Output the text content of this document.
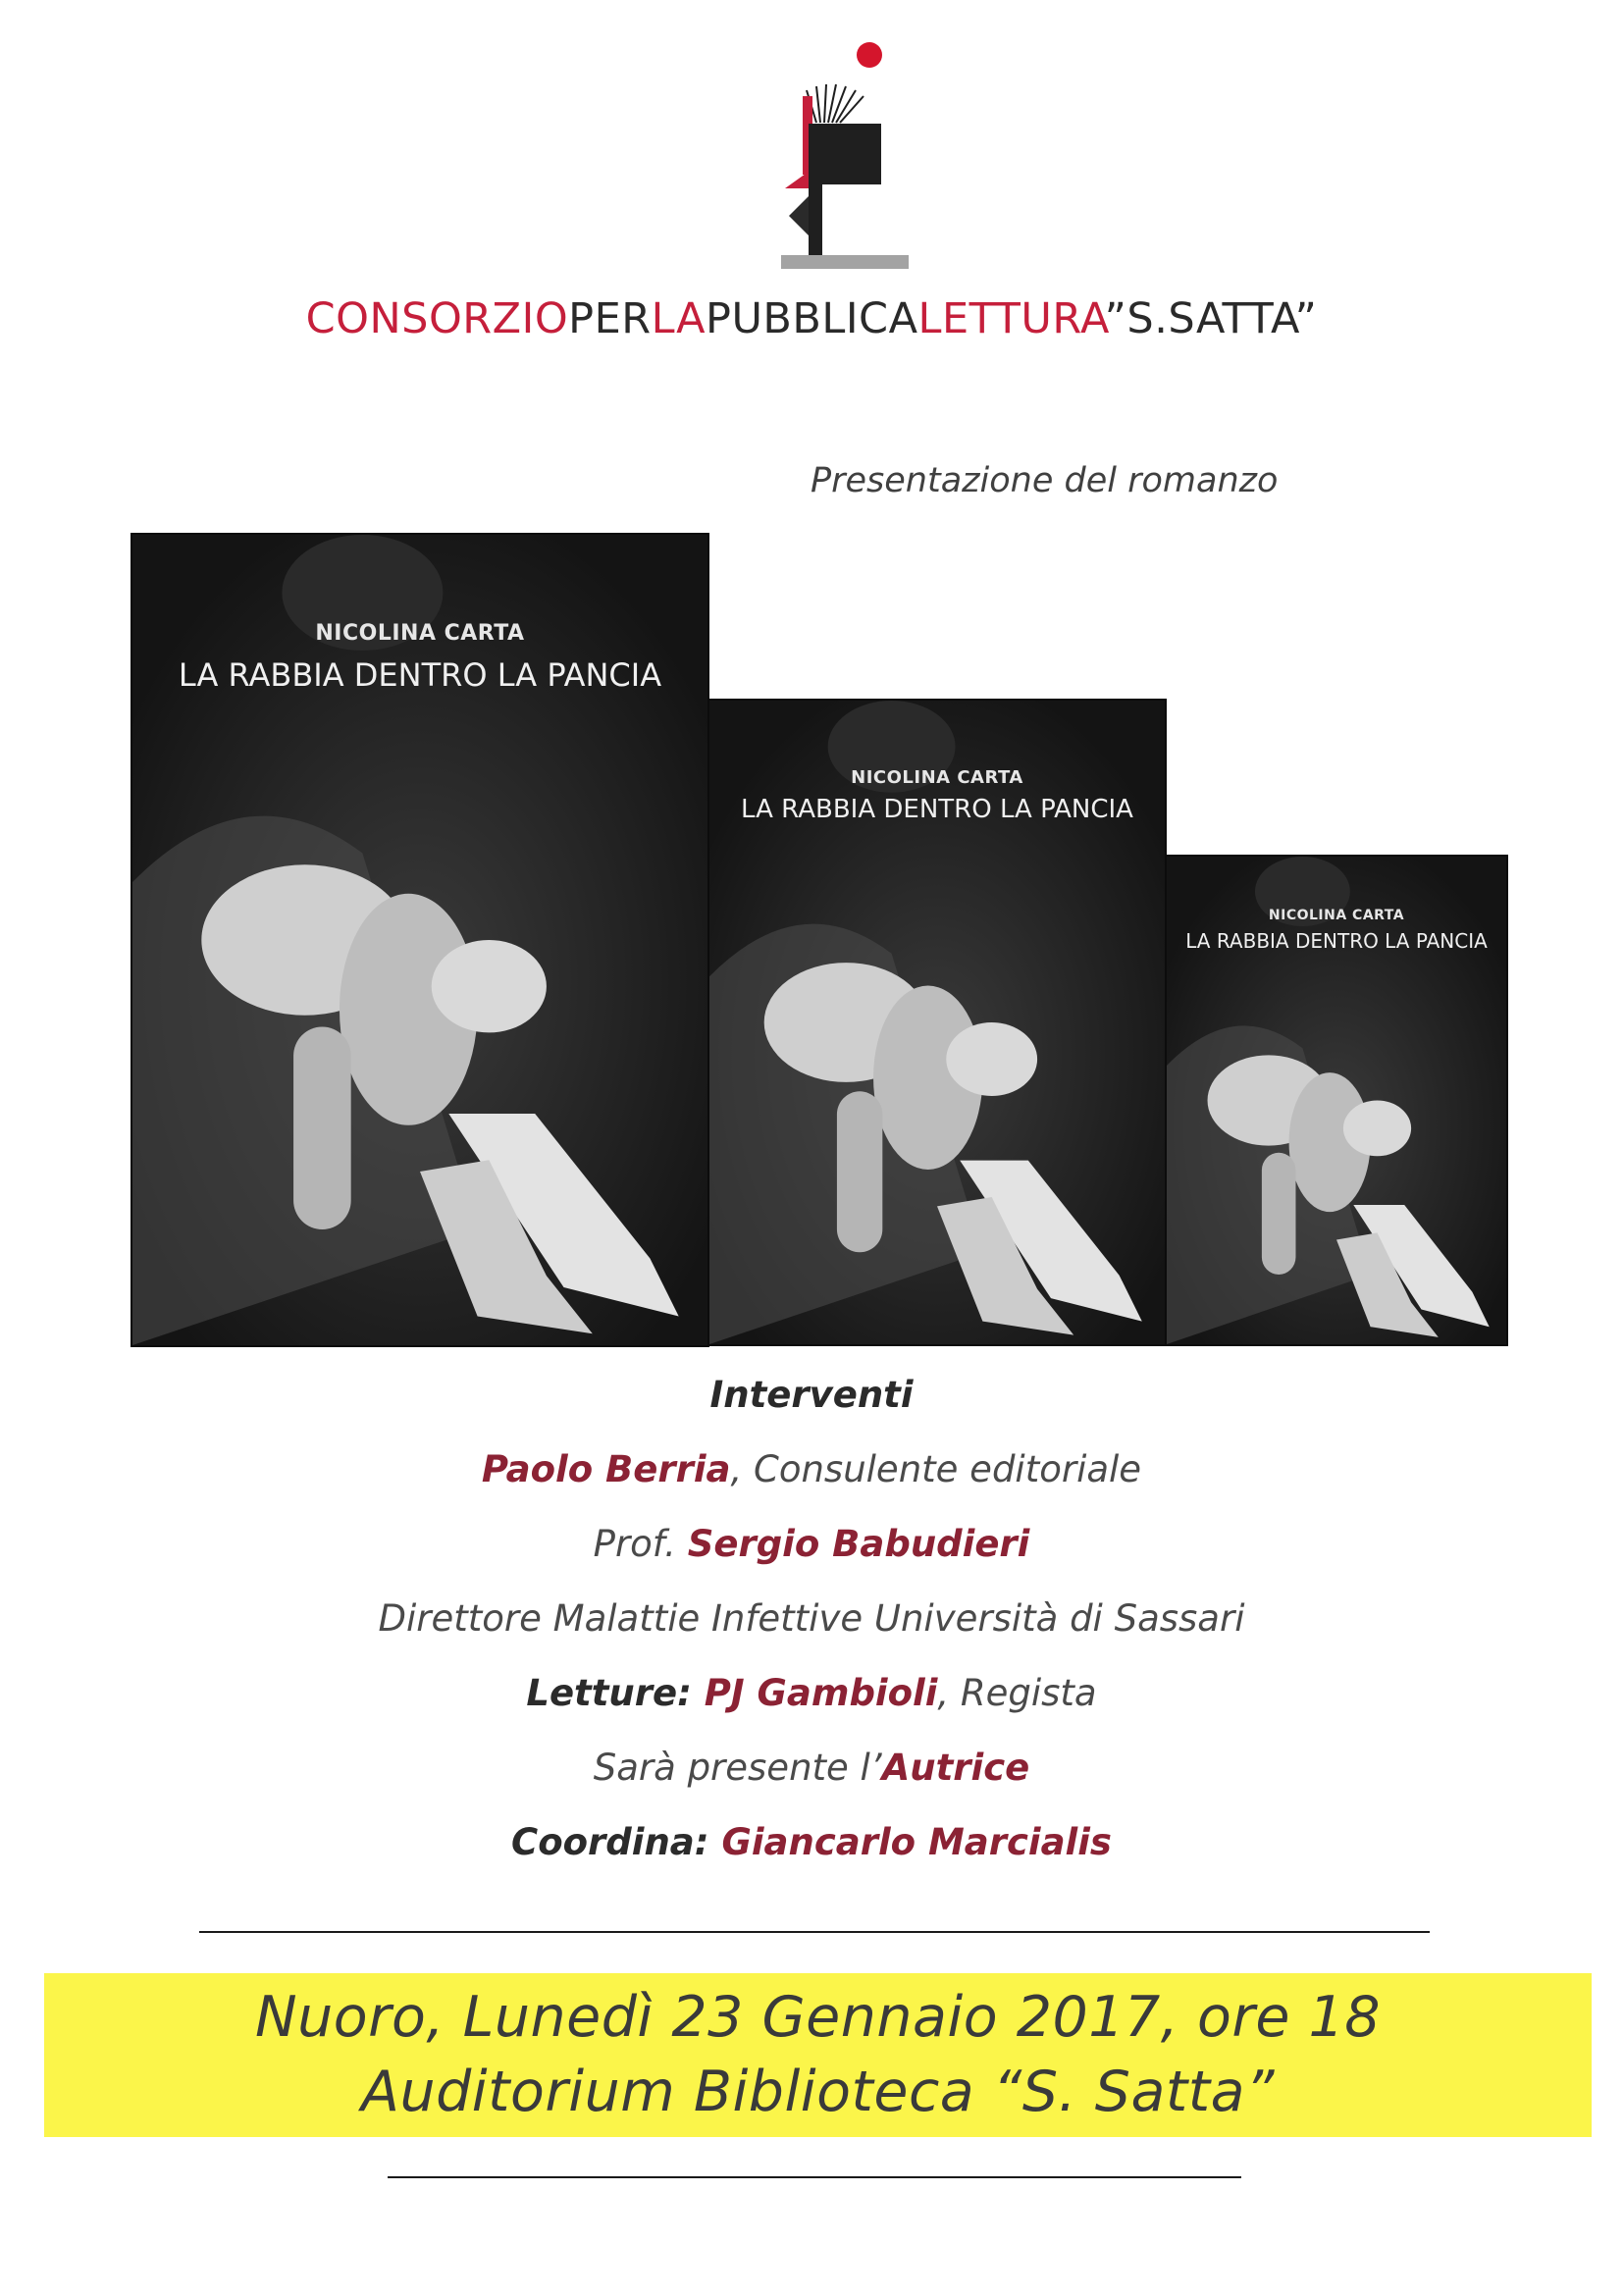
CONSORZIOPERLAPUBBLICALETTURA”S.SATTA”
Presentazione del romanzo
NICOLINA CARTA
LA RABBIA DENTRO LA PANCIA
NICOLINA CARTA
LA RABBIA DENTRO LA PANCIA
NICOLINA CARTA
LA RABBIA DENTRO LA PANCIA
Interventi
Paolo Berria, Consulente editoriale
Prof. Sergio Babudieri
Direttore Malattie Infettive Università di Sassari
Letture: PJ Gambioli, Regista
Sarà presente l’Autrice
Coordina: Giancarlo Marcialis
Nuoro, Lunedì 23 Gennaio 2017, ore 18
Auditorium Biblioteca “S. Satta”
